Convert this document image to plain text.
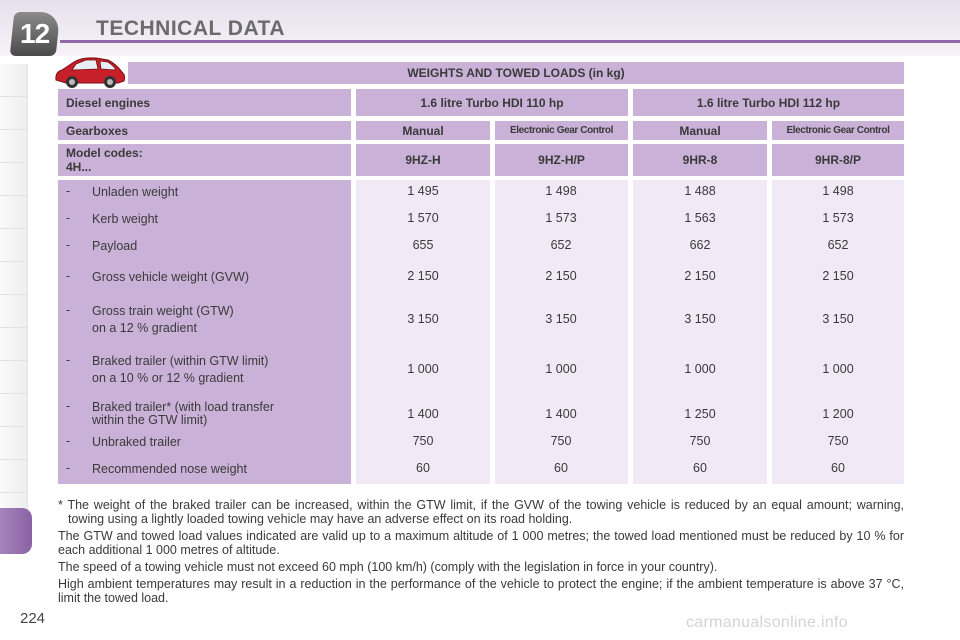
12 TECHNICAL DATA
WEIGHTS AND TOWED LOADS (in kg)
Diesel engines	1.6 litre Turbo HDI 110 hp	1.6 litre Turbo HDI 112 hp
Gearboxes	Manual	Electronic Gear Control	Manual	Electronic Gear Control
Model codes:
4H...	9HZ-H	9HZ-H/P	9HR-8	9HR-8/P
- Unladen weight	1 495	1 498	1 488	1 498
- Kerb weight	1 570	1 573	1 563	1 573
- Payload	655	652	662	652
- Gross vehicle weight (GVW)	2 150	2 150	2 150	2 150
- Gross train weight (GTW)
on a 12 % gradient
3 150	3 150	3 150	3 150
- Braked trailer (within GTW limit)
on a 10 % or 12 % gradient
1 000	1 000	1 000	1 000
- Braked trailer* (with load transfer
within the GTW limit)	1 400	1 400	1 250	1 200
- Unbraked trailer	750	750	750	750
- Recommended nose weight	60	60	60	60

* The weight of the braked trailer can be increased, within the GTW limit, if the GVW of the towing vehicle is reduced by an equal amount; warning, towing using a lightly loaded towing vehicle may have an adverse effect on its road holding.

The GTW and towed load values indicated are valid up to a maximum altitude of 1 000 metres; the towed load mentioned must be reduced by 10 % for each additional 1 000 metres of altitude.

The speed of a towing vehicle must not exceed 60 mph (100 km/h) (comply with the legislation in force in your country).

High ambient temperatures may result in a reduction in the performance of the vehicle to protect the engine; if the ambient temperature is above 37 °C, limit the towed load.

224	carmanualsonline.info
